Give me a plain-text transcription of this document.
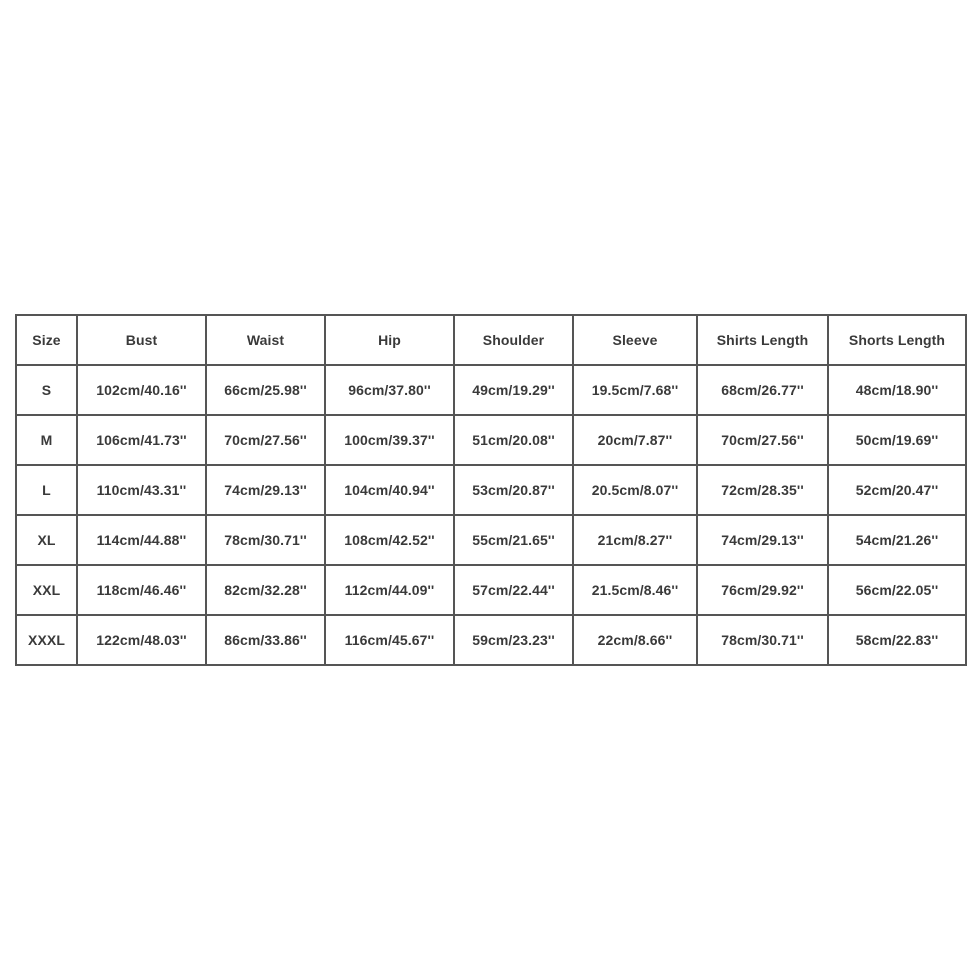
Size	Bust	Waist	Hip	Shoulder	Sleeve	Shirts Length	Shorts Length
S	102cm/40.16''	66cm/25.98''	96cm/37.80''	49cm/19.29''	19.5cm/7.68''	68cm/26.77''	48cm/18.90''
M	106cm/41.73''	70cm/27.56''	100cm/39.37''	51cm/20.08''	20cm/7.87''	70cm/27.56''	50cm/19.69''
L	110cm/43.31''	74cm/29.13''	104cm/40.94''	53cm/20.87''	20.5cm/8.07''	72cm/28.35''	52cm/20.47''
XL	114cm/44.88''	78cm/30.71''	108cm/42.52''	55cm/21.65''	21cm/8.27''	74cm/29.13''	54cm/21.26''
XXL	118cm/46.46''	82cm/32.28''	112cm/44.09''	57cm/22.44''	21.5cm/8.46''	76cm/29.92''	56cm/22.05''
XXXL	122cm/48.03''	86cm/33.86''	116cm/45.67''	59cm/23.23''	22cm/8.66''	78cm/30.71''	58cm/22.83''
